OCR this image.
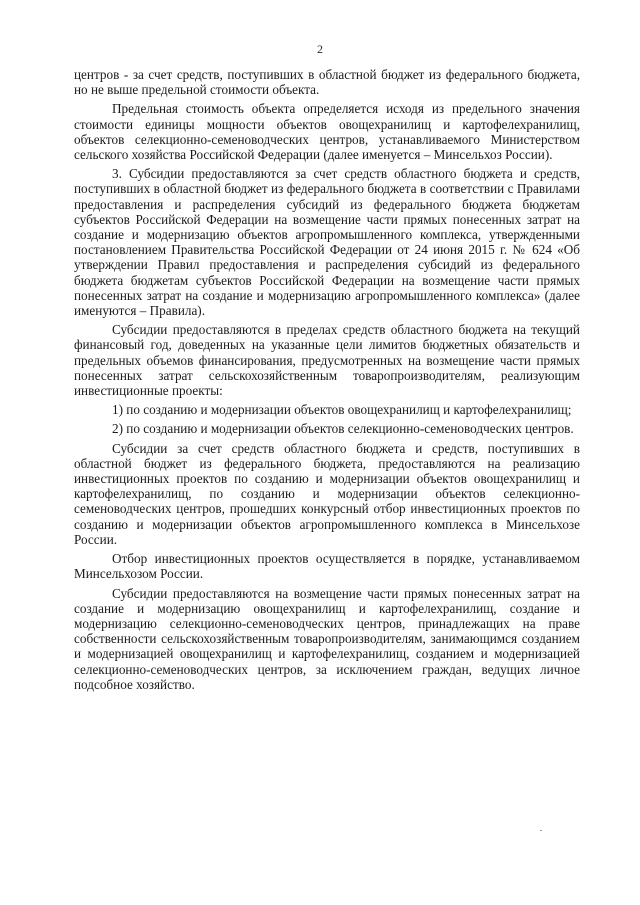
2

центров - за счет средств, поступивших в областной бюджет из федерального бюджета, но не выше предельной стоимости объекта.

Предельная стоимость объекта определяется исходя из предельного значения стоимости единицы мощности объектов овощехранилищ и картофелехранилищ, объектов селекционно-семеноводческих центров, устанавливаемого Министерством сельского хозяйства Российской Федерации (далее именуется – Минсельхоз России).

3. Субсидии предоставляются за счет средств областного бюджета и средств, поступивших в областной бюджет из федерального бюджета в соответствии с Правилами предоставления и распределения субсидий из федерального бюджета бюджетам субъектов Российской Федерации на возмещение части прямых понесенных затрат на создание и модернизацию объектов агропромышленного комплекса, утвержденными постановлением Правительства Российской Федерации от 24 июня 2015 г. № 624 «Об утверждении Правил предоставления и распределения субсидий из федерального бюджета бюджетам субъектов Российской Федерации на возмещение части прямых понесенных затрат на создание и модернизацию агропромышленного комплекса» (далее именуются – Правила).

Субсидии предоставляются в пределах средств областного бюджета на текущий финансовый год, доведенных на указанные цели лимитов бюджетных обязательств и предельных объемов финансирования, предусмотренных на возмещение части прямых понесенных затрат сельскохозяйственным товаропроизводителям, реализующим инвестиционные проекты:

1) по созданию и модернизации объектов овощехранилищ и картофелехранилищ;

2) по созданию и модернизации объектов селекционно-семеноводческих центров.

Субсидии за счет средств областного бюджета и средств, поступивших в областной бюджет из федерального бюджета, предоставляются на реализацию инвестиционных проектов по созданию и модернизации объектов овощехранилищ и картофелехранилищ, по созданию и модернизации объектов селекционно-семеноводческих центров, прошедших конкурсный отбор инвестиционных проектов по созданию и модернизации объектов агропромышленного комплекса в Минсельхозе России.

Отбор инвестиционных проектов осуществляется в порядке, устанавливаемом Минсельхозом России.

Субсидии предоставляются на возмещение части прямых понесенных затрат на создание и модернизацию овощехранилищ и картофелехранилищ, создание и модернизацию селекционно-семеноводческих центров, принадлежащих на праве собственности сельскохозяйственным товаропроизводителям, занимающимся созданием и модернизацией овощехранилищ и картофелехранилищ, созданием и модернизацией селекционно-семеноводческих центров, за исключением граждан, ведущих личное подсобное хозяйство.
